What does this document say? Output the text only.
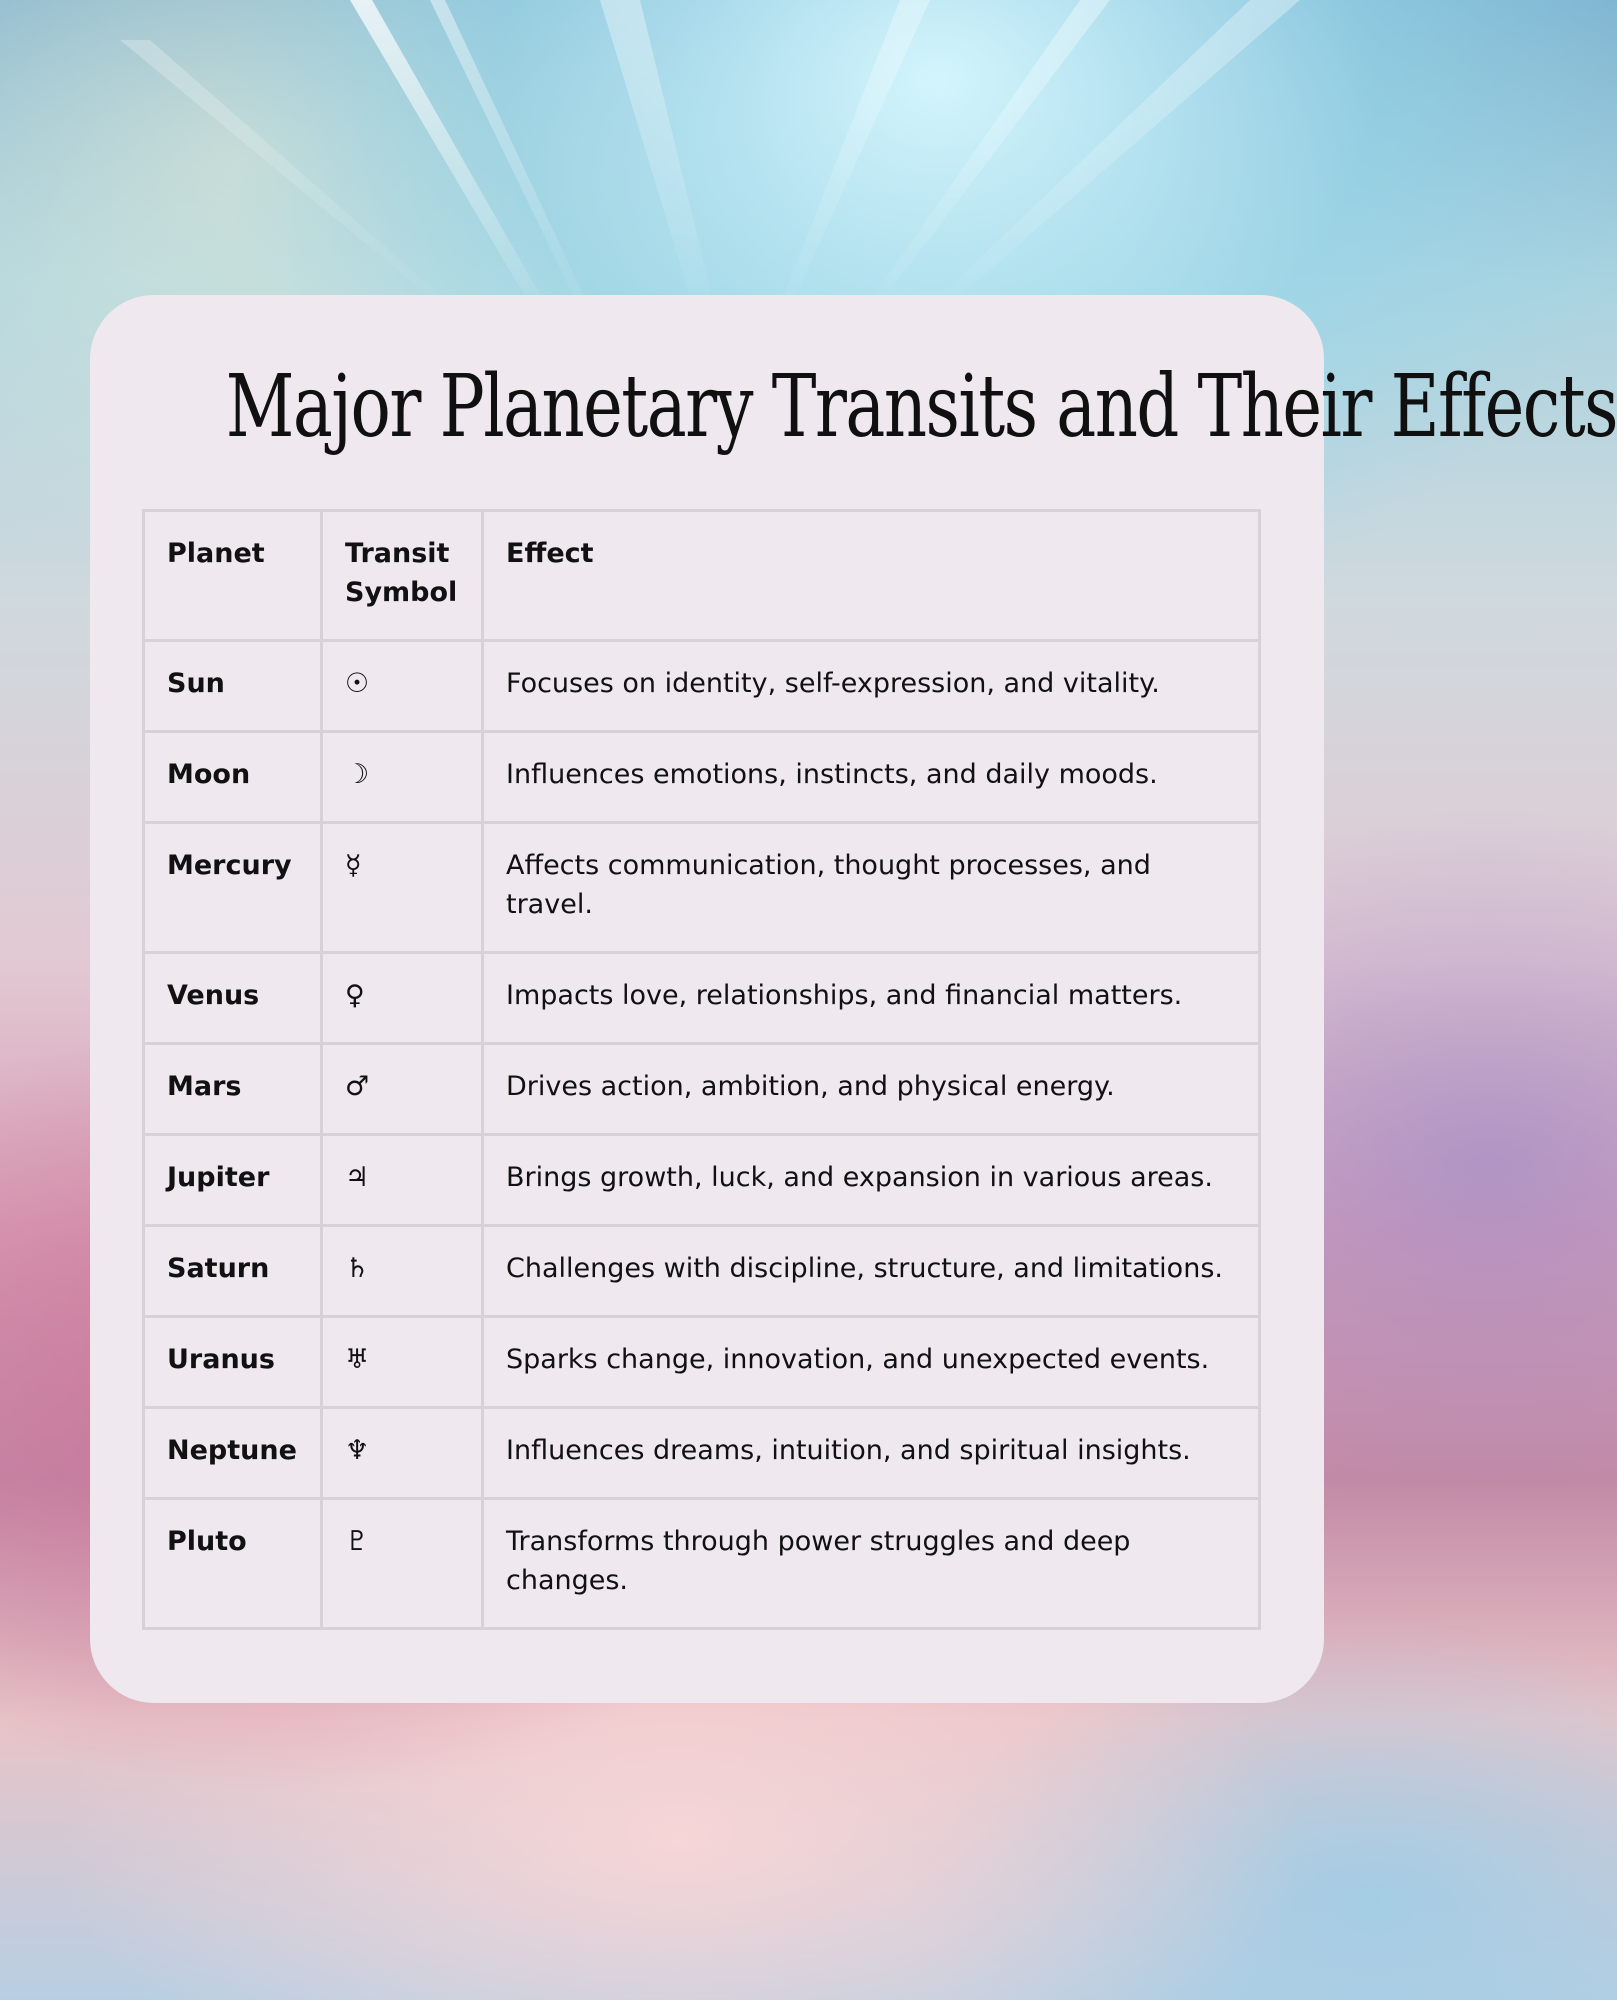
Major Planetary Transits and Their Effects
Planet	Transit Symbol	Effect
Sun	☉	Focuses on identity, self-expression, and vitality.
Moon	☽	Influences emotions, instincts, and daily moods.
Mercury	☿	Affects communication, thought processes, and travel.
Venus	♀	Impacts love, relationships, and financial matters.
Mars	♂	Drives action, ambition, and physical energy.
Jupiter	♃	Brings growth, luck, and expansion in various areas.
Saturn	♄	Challenges with discipline, structure, and limitations.
Uranus	♅	Sparks change, innovation, and unexpected events.
Neptune	♆	Influences dreams, intuition, and spiritual insights.
Pluto	♇	Transforms through power struggles and deep changes.
